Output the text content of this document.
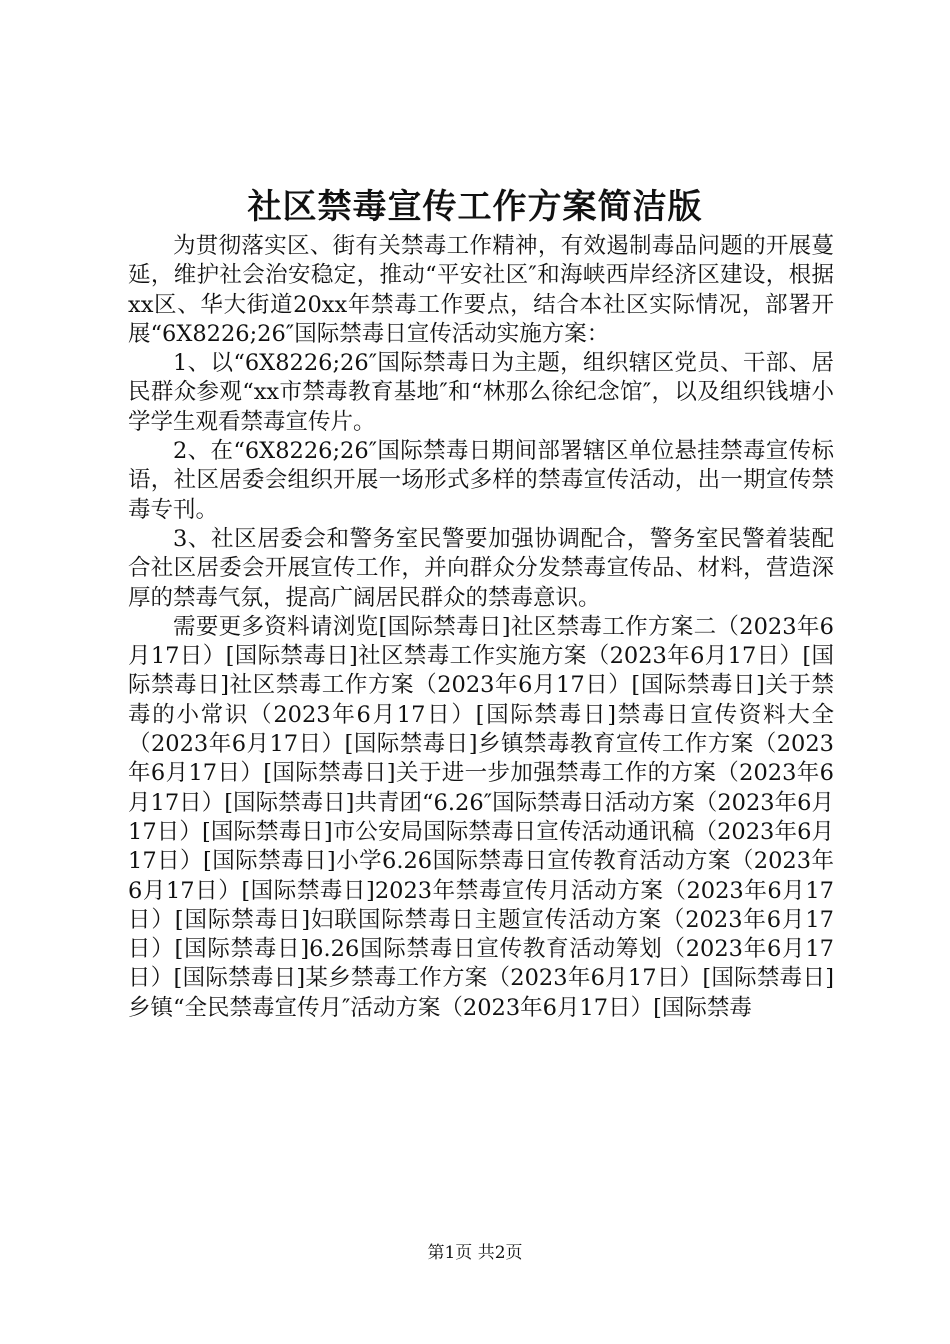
社区禁毒宣传工作方案简洁版

为贯彻落实区、街有关禁毒工作精神，有效遏制毒品问题的开展蔓延，维护社会治安稳定，推动“平安社区″和海峡西岸经济区建设，根据xx区、华大街道20xx年禁毒工作要点，结合本社区实际情况，部署开展“6X8226;26″国际禁毒日宣传活动实施方案：

1、以“6X8226;26″国际禁毒日为主题，组织辖区党员、干部、居民群众参观“xx市禁毒教育基地″和“林那么徐纪念馆″，以及组织钱塘小学学生观看禁毒宣传片。

2、在“6X8226;26″国际禁毒日期间部署辖区单位悬挂禁毒宣传标语，社区居委会组织开展一场形式多样的禁毒宣传活动，出一期宣传禁毒专刊。

3、社区居委会和警务室民警要加强协调配合，警务室民警着装配合社区居委会开展宣传工作，并向群众分发禁毒宣传品、材料，营造深厚的禁毒气氛，提高广阔居民群众的禁毒意识。

需要更多资料请浏览[国际禁毒日]社区禁毒工作方案二（2023年6月17日）[国际禁毒日]社区禁毒工作实施方案（2023年6月17日）[国际禁毒日]社区禁毒工作方案（2023年6月17日）[国际禁毒日]关于禁毒的小常识（2023年6月17日）[国际禁毒日]禁毒日宣传资料大全（2023年6月17日）[国际禁毒日]乡镇禁毒教育宣传工作方案（2023年6月17日）[国际禁毒日]关于进一步加强禁毒工作的方案（2023年6月17日）[国际禁毒日]共青团“6.26″国际禁毒日活动方案（2023年6月17日）[国际禁毒日]市公安局国际禁毒日宣传活动通讯稿（2023年6月17日）[国际禁毒日]小学6.26国际禁毒日宣传教育活动方案（2023年6月17日）[国际禁毒日]2023年禁毒宣传月活动方案（2023年6月17日）[国际禁毒日]妇联国际禁毒日主题宣传活动方案（2023年6月17日）[国际禁毒日]6.26国际禁毒日宣传教育活动筹划（2023年6月17日）[国际禁毒日]某乡禁毒工作方案（2023年6月17日）[国际禁毒日]乡镇“全民禁毒宣传月″活动方案（2023年6月17日）[国际禁毒

第1页 共2页
